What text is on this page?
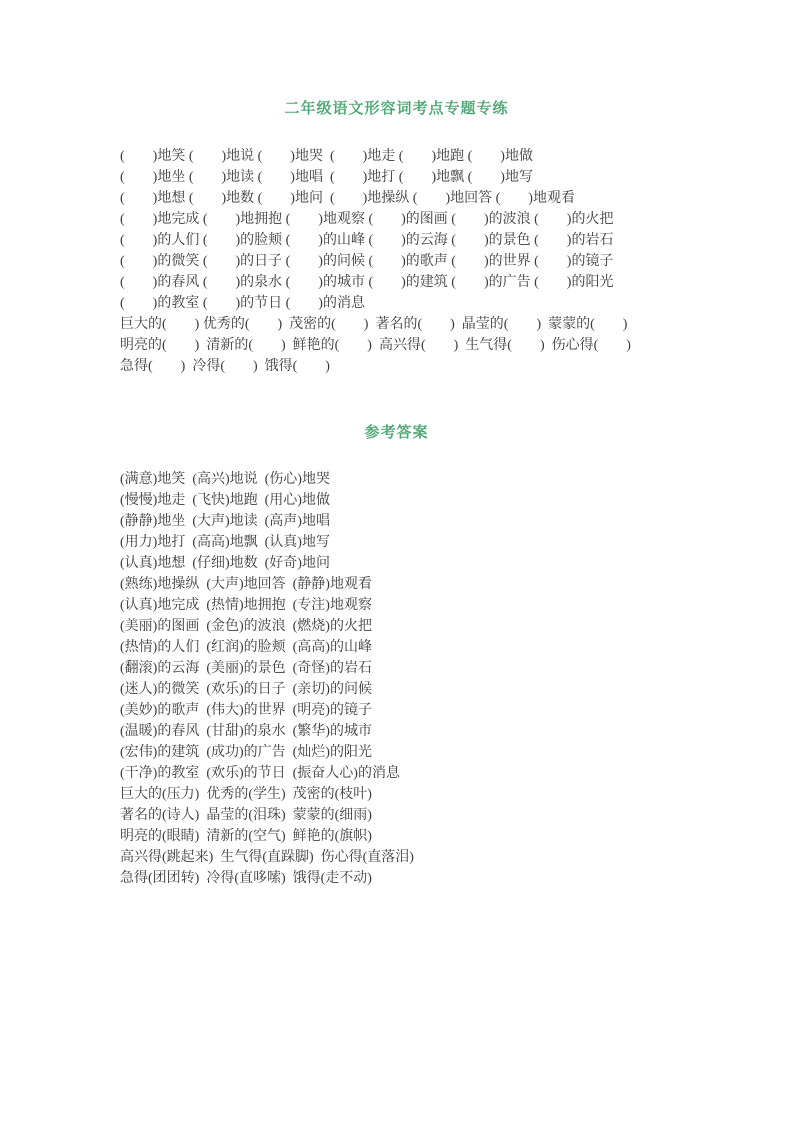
二年级语文形容词考点专题专练
(        )地笑 (        )地说 (        )地哭  (        )地走 (        )地跑 (        )地做
(        )地坐 (        )地读 (        )地唱  (        )地打 (        )地飘 (        )地写
(        )地想 (        )地数 (        )地问  (        )地操纵 (        )地回答 (        )地观看
(        )地完成 (        )地拥抱 (        )地观察 (        )的图画 (        )的波浪 (        )的火把
(        )的人们 (        )的脸颊 (        )的山峰 (        )的云海 (        )的景色 (        )的岩石
(        )的微笑 (        )的日子 (        )的问候 (        )的歌声 (        )的世界 (        )的镜子
(        )的春风 (        )的泉水 (        )的城市 (        )的建筑 (        )的广告 (        )的阳光
(        )的教室 (        )的节日 (        )的消息
巨大的(        ) 优秀的(        )  茂密的(        )  著名的(        )  晶莹的(        )  蒙蒙的(        )
明亮的(        )  清新的(        )  鲜艳的(        )  高兴得(        )  生气得(        )  伤心得(        )
急得(        )  冷得(        )  饿得(        )
参考答案
(满意)地笑  (高兴)地说  (伤心)地哭
(慢慢)地走  (飞快)地跑  (用心)地做
(静静)地坐  (大声)地读  (高声)地唱
(用力)地打  (高高)地飘  (认真)地写
(认真)地想  (仔细)地数  (好奇)地问
(熟练)地操纵  (大声)地回答  (静静)地观看
(认真)地完成  (热情)地拥抱  (专注)地观察
(美丽)的图画  (金色)的波浪  (燃烧)的火把
(热情)的人们  (红润)的脸颊  (高高)的山峰
(翻滚)的云海  (美丽)的景色  (奇怪)的岩石
(迷人)的微笑  (欢乐)的日子  (亲切)的问候
(美妙)的歌声  (伟大)的世界  (明亮)的镜子
(温暖)的春风  (甘甜)的泉水  (繁华)的城市
(宏伟)的建筑  (成功)的广告  (灿烂)的阳光
(干净)的教室  (欢乐)的节日  (振奋人心)的消息
巨大的(压力)  优秀的(学生)  茂密的(枝叶)
著名的(诗人)  晶莹的(泪珠)  蒙蒙的(细雨)
明亮的(眼睛)  清新的(空气)  鲜艳的(旗帜)
高兴得(跳起来)  生气得(直跺脚)  伤心得(直落泪)
急得(团团转)  冷得(直哆嗦)  饿得(走不动)
